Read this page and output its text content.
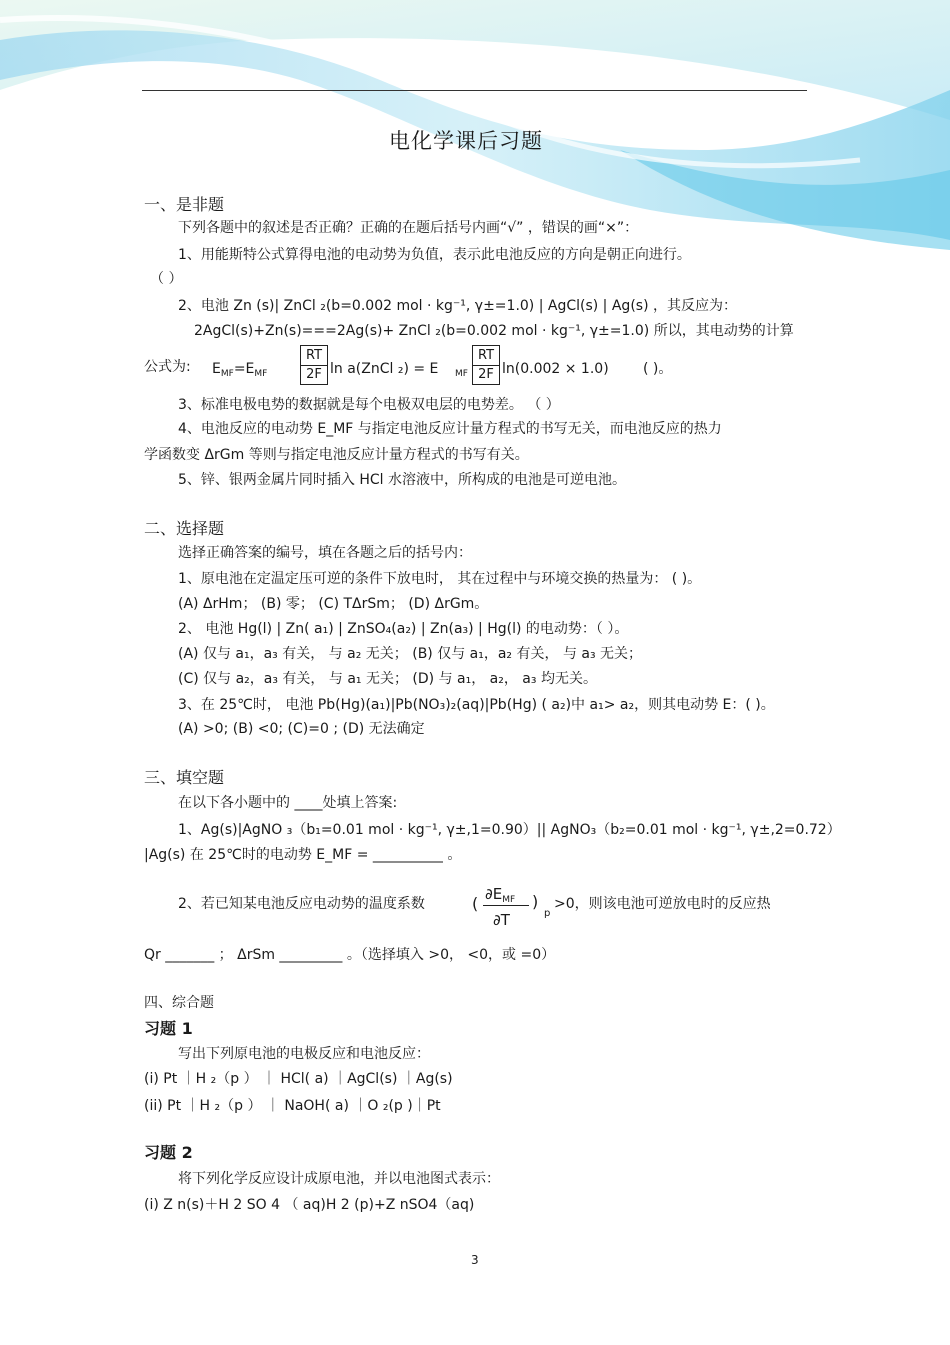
电化学课后习题
一、是非题
下列各题中的叙述是否正确？正确的在题后括号内画“√” ，错误的画“×”：
1、用能斯特公式算得电池的电动势为负值，表示此电池反应的方向是朝正向进行。
（ ）
2、电池 Zn (s)| ZnCl ₂(b=0.002 mol · kg⁻¹, γ±=1.0) | AgCl(s) | Ag(s) ，其反应为：
2AgCl(s)+Zn(s)===2Ag(s)+ ZnCl ₂(b=0.002 mol · kg⁻¹, γ±=1.0) 所以，其电动势的计算
公式为: $E_{MF}=E_{MF}$
RT
2F ln a(ZnCl ₂) = E $_{MF}$
RT
2F ln(0.002 × 1.0) ( )。
3、标准电极电势的数据就是每个电极双电层的电势差。 （ ）
4、电池反应的电动势 E_MF 与指定电池反应计量方程式的书写无关，而电池反应的热力
学函数变 ΔrGm 等则与指定电池反应计量方程式的书写有关。
5、锌、银两金属片同时插入 HCl 水溶液中，所构成的电池是可逆电池。
二、选择题
选择正确答案的编号，填在各题之后的括号内：
1、原电池在定温定压可逆的条件下放电时， 其在过程中与环境交换的热量为： ( )。
(A) ΔrHm； (B) 零； (C) TΔrSm； (D) ΔrGm。
2、 电池 Hg(l) | Zn( a₁) | ZnSO₄(a₂) | Zn(a₃) | Hg(l) 的电动势：（ ）。
(A) 仅与 a₁，a₃ 有关， 与 a₂ 无关； (B) 仅与 a₁，a₂ 有关， 与 a₃ 无关；
(C) 仅与 a₂，a₃ 有关， 与 a₁ 无关； (D) 与 a₁， a₂， a₃ 均无关。
3、在 25℃时， 电池 Pb(Hg)(a₁)|Pb(NO₃)₂(aq)|Pb(Hg) ( a₂)中 a₁> a₂，则其电动势 E：( )。
(A) >0; (B) <0; (C)=0 ; (D) 无法确定
三、填空题
在以下各小题中的 ____处填上答案:
1、Ag(s)|AgNO ₃（b₁=0.01 mol · kg⁻¹, γ±,1=0.90）|| AgNO₃（b₂=0.01 mol · kg⁻¹, γ±,2=0.72）
|Ag(s) 在 25℃时的电动势 E_MF = __________ 。
2、若已知某电池反应电动势的温度系数	( $\partial E_{MF}$
∂T
)
p
>0，则该电池可逆放电时的反应热
Qr _______ ； ΔrSm _________ 。（选择填入 >0， <0，或 =0）
四、综合题
习题 1
写出下列原电池的电极反应和电池反应：
(i) Pt ｜H ₂（p ） ｜ HCl( a) ｜AgCl(s) ｜Ag(s)
(ii) Pt ｜H ₂（p ） ｜ NaOH( a) ｜O ₂(p )｜Pt
习题 2
将下列化学反应设计成原电池，并以电池图式表示：
(i) Z n(s)＋H 2 SO 4 （ aq)H 2 (p)+Z nSO4（aq)
3
